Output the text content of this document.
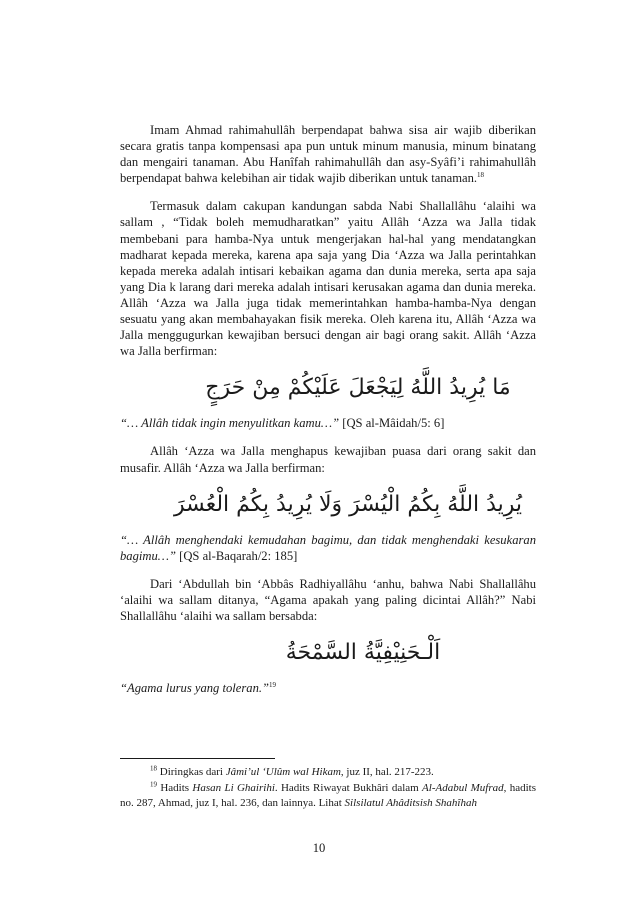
Imam Ahmad rahimahullâh berpendapat bahwa sisa air wajib diberikan secara gratis tanpa kompensasi apa pun untuk minum manusia, minum binatang dan mengairi tanaman. Abu Hanîfah rahimahullâh dan asy-Syâfi’i rahimahullâh berpendapat bahwa kelebihan air tidak wajib diberikan untuk tanaman.$^{18}$

Termasuk dalam cakupan kandungan sabda Nabi Shallallâhu ‘alaihi wa sallam , “Tidak boleh memudharatkan” yaitu Allâh ‘Azza wa Jalla tidak membebani para hamba-Nya untuk mengerjakan hal-hal yang mendatangkan madharat kepada mereka, karena apa saja yang Dia ‘Azza wa Jalla perintahkan kepada mereka adalah intisari kebaikan agama dan dunia mereka, serta apa saja yang Dia k larang dari mereka adalah intisari kerusakan agama dan dunia mereka. Allâh ‘Azza wa Jalla juga tidak memerintahkan hamba-hamba-Nya dengan sesuatu yang akan membahayakan fisik mereka. Oleh karena itu, Allâh ‘Azza wa Jalla menggugurkan kewajiban bersuci dengan air bagi orang sakit. Allâh ‘Azza wa Jalla berfirman:

مَا يُرِيدُ اللَّهُ لِيَجْعَلَ عَلَيْكُمْ مِنْ حَرَجٍ

“… Allâh tidak ingin menyulitkan kamu…” [QS al-Mâidah/5: 6]

Allâh ‘Azza wa Jalla menghapus kewajiban puasa dari orang sakit dan musafir. Allâh ‘Azza wa Jalla berfirman:

يُرِيدُ اللَّهُ بِكُمُ الْيُسْرَ وَلَا يُرِيدُ بِكُمُ الْعُسْرَ

“… Allâh menghendaki kemudahan bagimu, dan tidak menghendaki kesukaran bagimu…” [QS al-Baqarah/2: 185]

Dari ‘Abdullah bin ‘Abbâs Radhiyallâhu ‘anhu, bahwa Nabi Shallallâhu ‘alaihi wa sallam ditanya, “Agama apakah yang paling dicintai Allâh?” Nabi Shallallâhu ‘alaihi wa sallam bersabda:

اَلْـحَنِيْفِيَّةُ السَّمْحَةُ

“Agama lurus yang toleran.”$^{19}$

$^{18}$ Diringkas dari Jâmi’ul ‘Ulûm wal Hikam, juz II, hal. 217-223.

$^{19}$ Hadits Hasan Li Ghairihi. Hadits Riwayat Bukhâri dalam Al-Adabul Mufrad, hadits no. 287, Ahmad, juz I, hal. 236, dan lainnya. Lihat Silsilatul Ahâditsish Shahîhah

10
